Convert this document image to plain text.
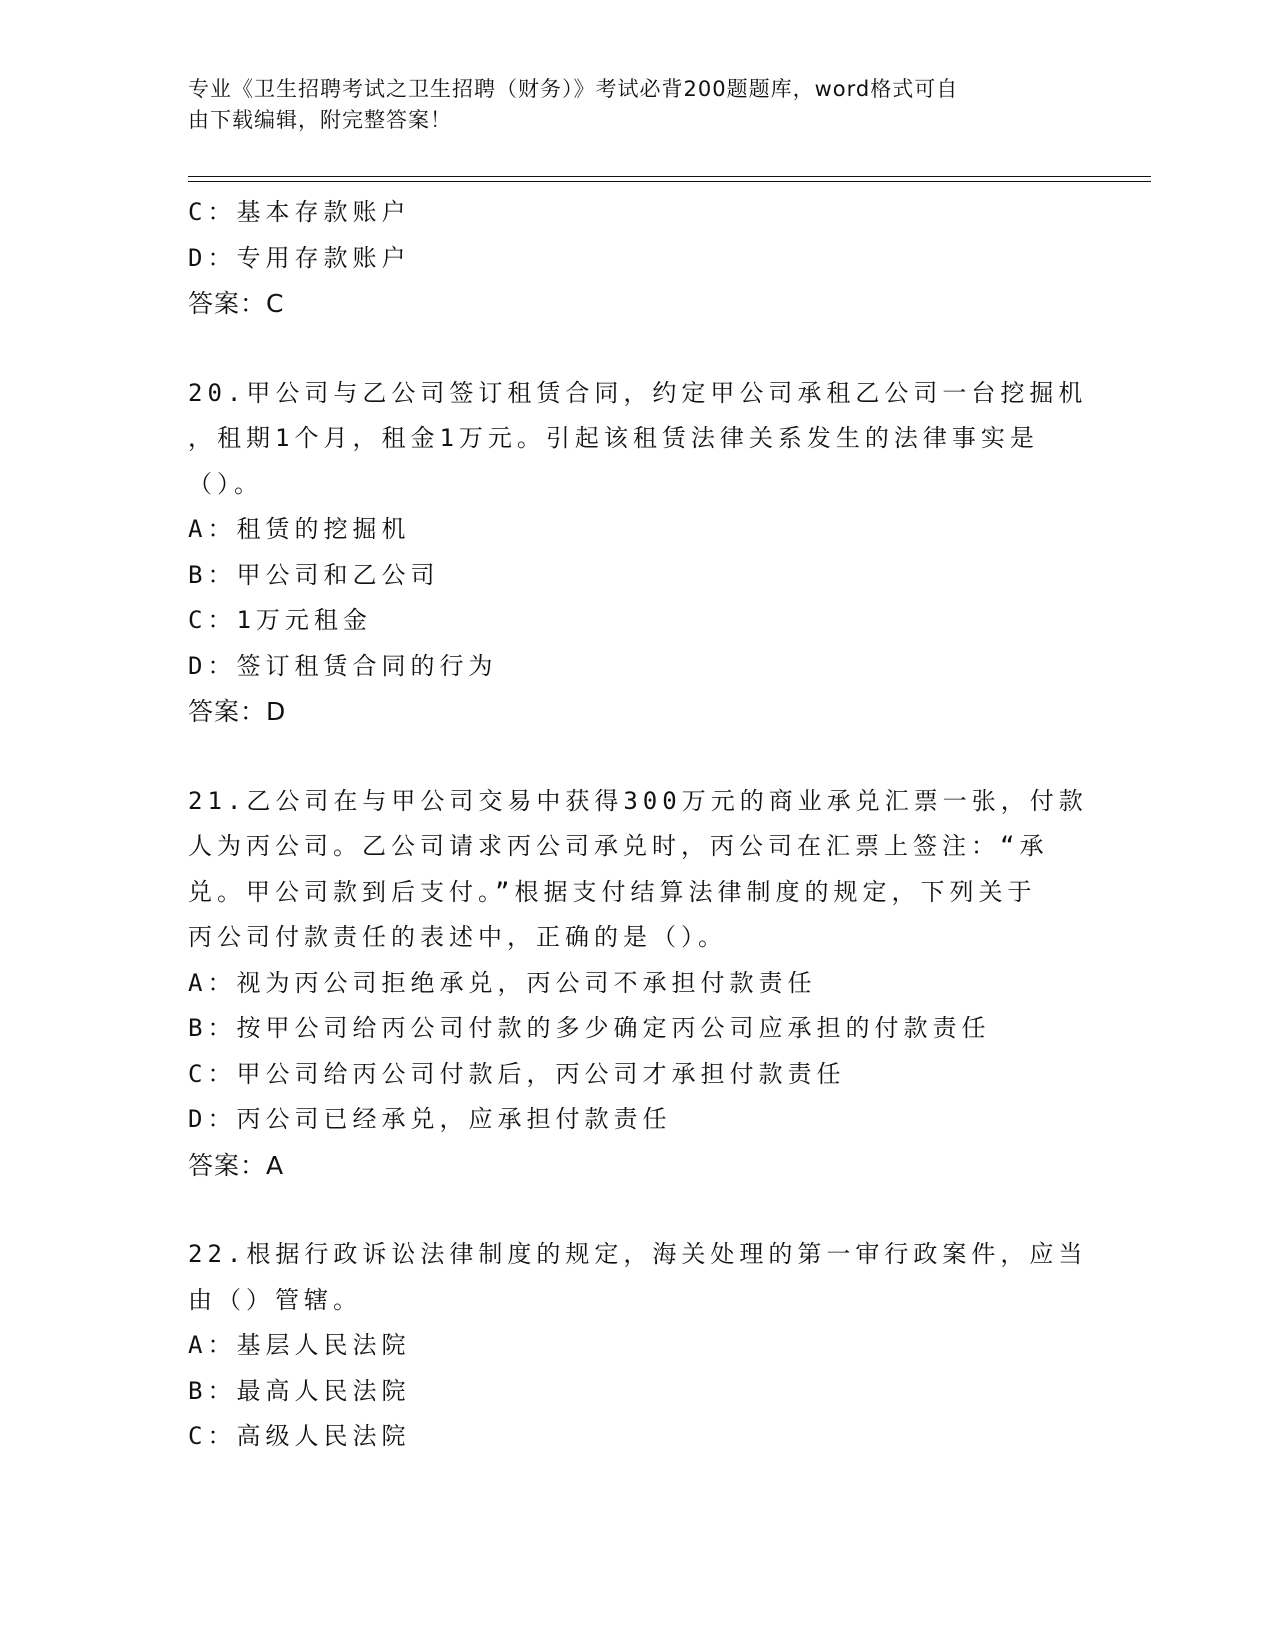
专业《卫生招聘考试之卫生招聘（财务）》考试必背200题题库，word格式可自
由下载编辑，附完整答案！
C：基本存款账户
D：专用存款账户
答案：C
20.甲公司与乙公司签订租赁合同，约定甲公司承租乙公司一台挖掘机
，租期1个月，租金1万元。引起该租赁法律关系发生的法律事实是
（）。
A：租赁的挖掘机
B：甲公司和乙公司
C：1万元租金
D：签订租赁合同的行为
答案：D
21.乙公司在与甲公司交易中获得300万元的商业承兑汇票一张，付款
人为丙公司。乙公司请求丙公司承兑时，丙公司在汇票上签注：“承
兑。甲公司款到后支付。”根据支付结算法律制度的规定，下列关于
丙公司付款责任的表述中，正确的是（）。
A：视为丙公司拒绝承兑，丙公司不承担付款责任
B：按甲公司给丙公司付款的多少确定丙公司应承担的付款责任
C：甲公司给丙公司付款后，丙公司才承担付款责任
D：丙公司已经承兑，应承担付款责任
答案：A
22.根据行政诉讼法律制度的规定，海关处理的第一审行政案件，应当
由（）管辖。
A：基层人民法院
B：最高人民法院
C：高级人民法院
